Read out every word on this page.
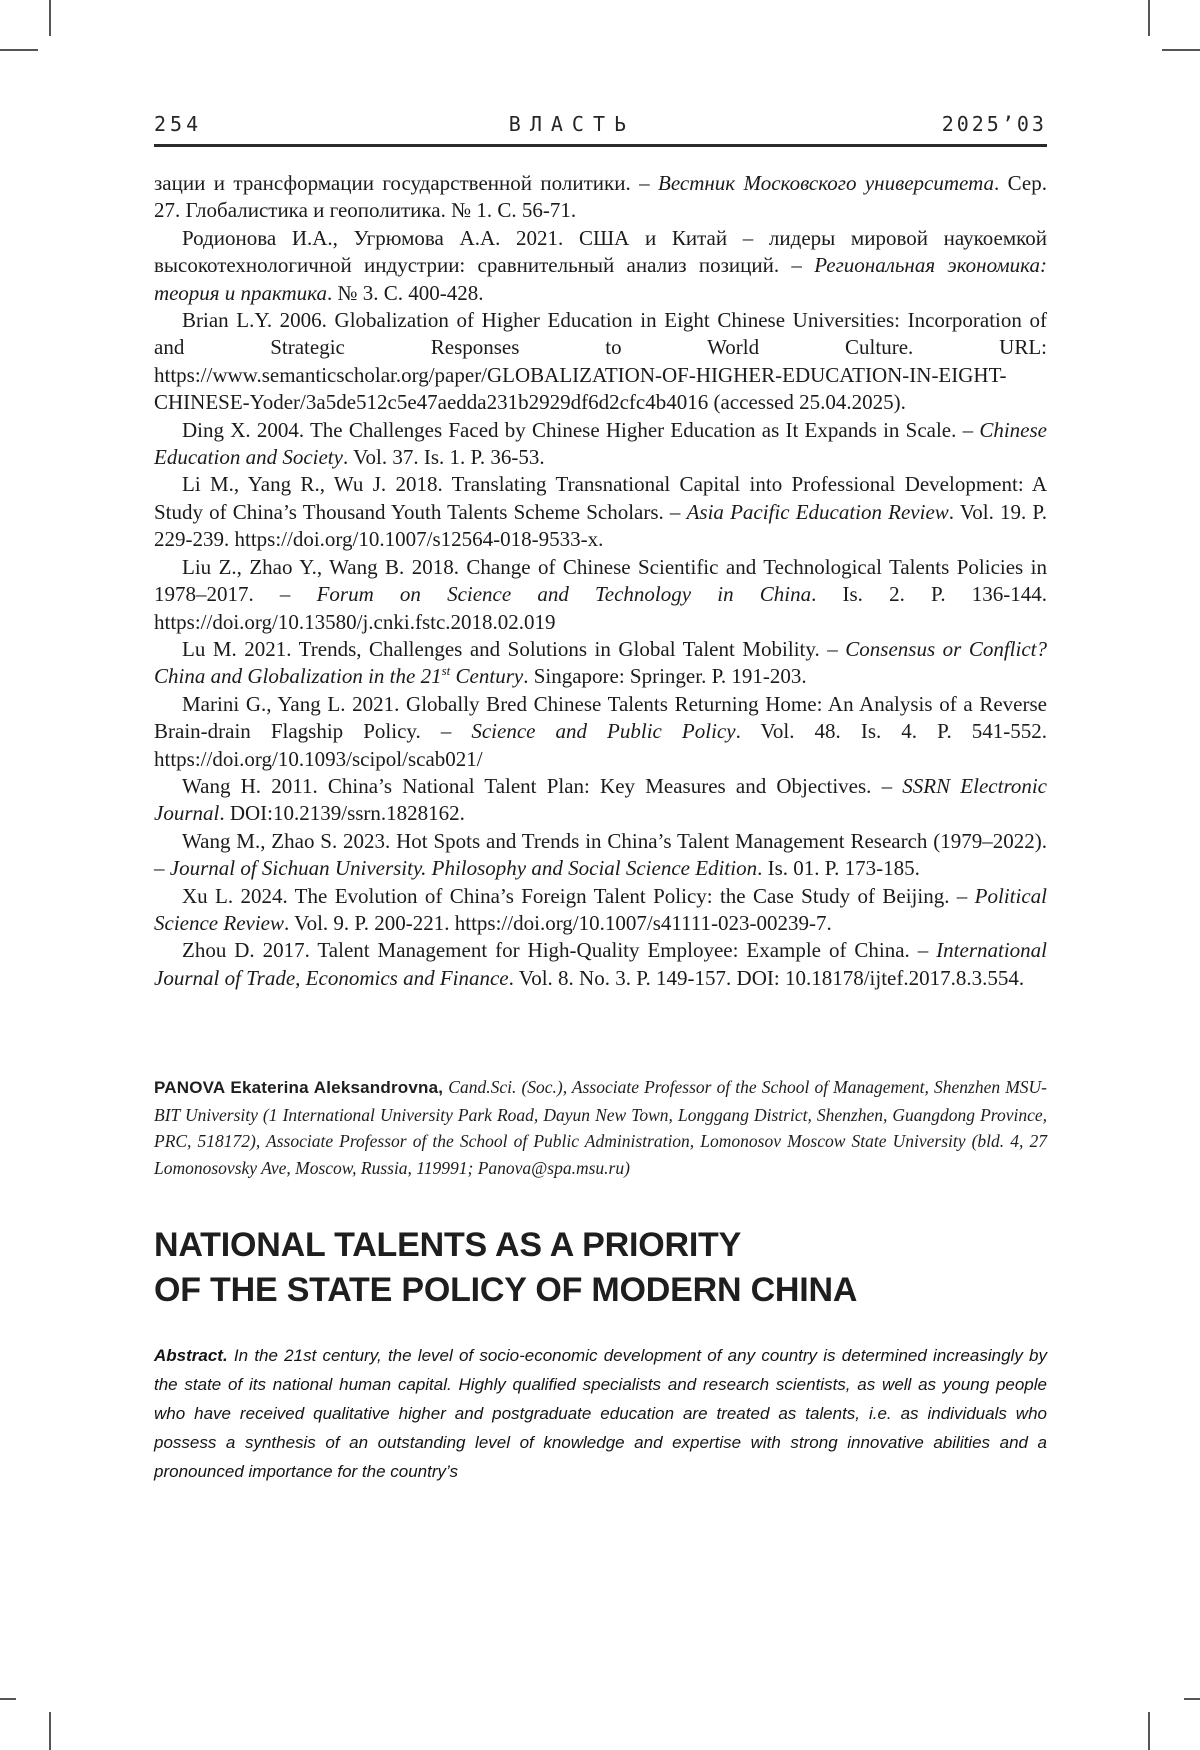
254	ВЛАСТЬ	2025’03

зации и трансформации государственной политики. – Вестник Московского университета. Сер. 27. Глобалистика и геополитика. № 1. С. 56-71.

Родионова И.А., Угрюмова А.А. 2021. США и Китай – лидеры мировой наукоемкой высокотехнологичной индустрии: сравнительный анализ позиций. – Региональная экономика: теория и практика. № 3. С. 400-428.

Brian L.Y. 2006. Globalization of Higher Education in Eight Chinese Universities: Incorporation of and Strategic Responses to World Culture. URL: https://www.semanticscholar.org/paper/GLOBALIZATION-OF-HIGHER-EDUCATION-IN-EIGHT-CHINESE-Yoder/3a5de512c5e47aedda231b2929df6d2cfc4b4016 (accessed 25.04.2025).

Ding X. 2004. The Challenges Faced by Chinese Higher Education as It Expands in Scale. – Chinese Education and Society. Vol. 37. Is. 1. P. 36-53.

Li M., Yang R., Wu J. 2018. Translating Transnational Capital into Professional Development: A Study of China’s Thousand Youth Talents Scheme Scholars. – Asia Pacific Education Review. Vol. 19. P. 229-239. https://doi.org/10.1007/s12564-018-9533-x.

Liu Z., Zhao Y., Wang B. 2018. Change of Chinese Scientific and Technological Talents Policies in 1978–2017. – Forum on Science and Technology in China. Is. 2. P. 136-144. https://doi.org/10.13580/j.cnki.fstc.2018.02.019

Lu M. 2021. Trends, Challenges and Solutions in Global Talent Mobility. – Consensus or Conflict? China and Globalization in the 21st Century. Singapore: Springer. P. 191-203.

Marini G., Yang L. 2021. Globally Bred Chinese Talents Returning Home: An Analysis of a Reverse Brain-drain Flagship Policy. – Science and Public Policy. Vol. 48. Is. 4. P. 541-552. https://doi.org/10.1093/scipol/scab021/

Wang H. 2011. China’s National Talent Plan: Key Measures and Objectives. – SSRN Electronic Journal. DOI:10.2139/ssrn.1828162.

Wang M., Zhao S. 2023. Hot Spots and Trends in China’s Talent Management Research (1979–2022). – Journal of Sichuan University. Philosophy and Social Science Edition. Is. 01. P. 173-185.

Xu L. 2024. The Evolution of China’s Foreign Talent Policy: the Case Study of Beijing. – Political Science Review. Vol. 9. P. 200-221. https://doi.org/10.1007/s41111-023-00239-7.

Zhou D. 2017. Talent Management for High-Quality Employee: Example of China. – International Journal of Trade, Economics and Finance. Vol. 8. No. 3. P. 149-157. DOI: 10.18178/ijtef.2017.8.3.554.

PANOVA Ekaterina Aleksandrovna, Cand.Sci. (Soc.), Associate Professor of the School of Management, Shenzhen MSU-BIT University (1 International University Park Road, Dayun New Town, Longgang District, Shenzhen, Guangdong Province, PRC, 518172), Associate Professor of the School of Public Administration, Lomonosov Moscow State University (bld. 4, 27 Lomonosovsky Ave, Moscow, Russia, 119991; Panova@spa.msu.ru)
NATIONAL TALENTS AS A PRIORITY
OF THE STATE POLICY OF MODERN CHINA

Abstract. In the 21st century, the level of socio-economic development of any country is determined increasingly by the state of its national human capital. Highly qualified specialists and research scientists, as well as young people who have received qualitative higher and postgraduate education are treated as talents, i.e. as individuals who possess a synthesis of an outstanding level of knowledge and expertise with strong innovative abilities and a pronounced importance for the country’s
